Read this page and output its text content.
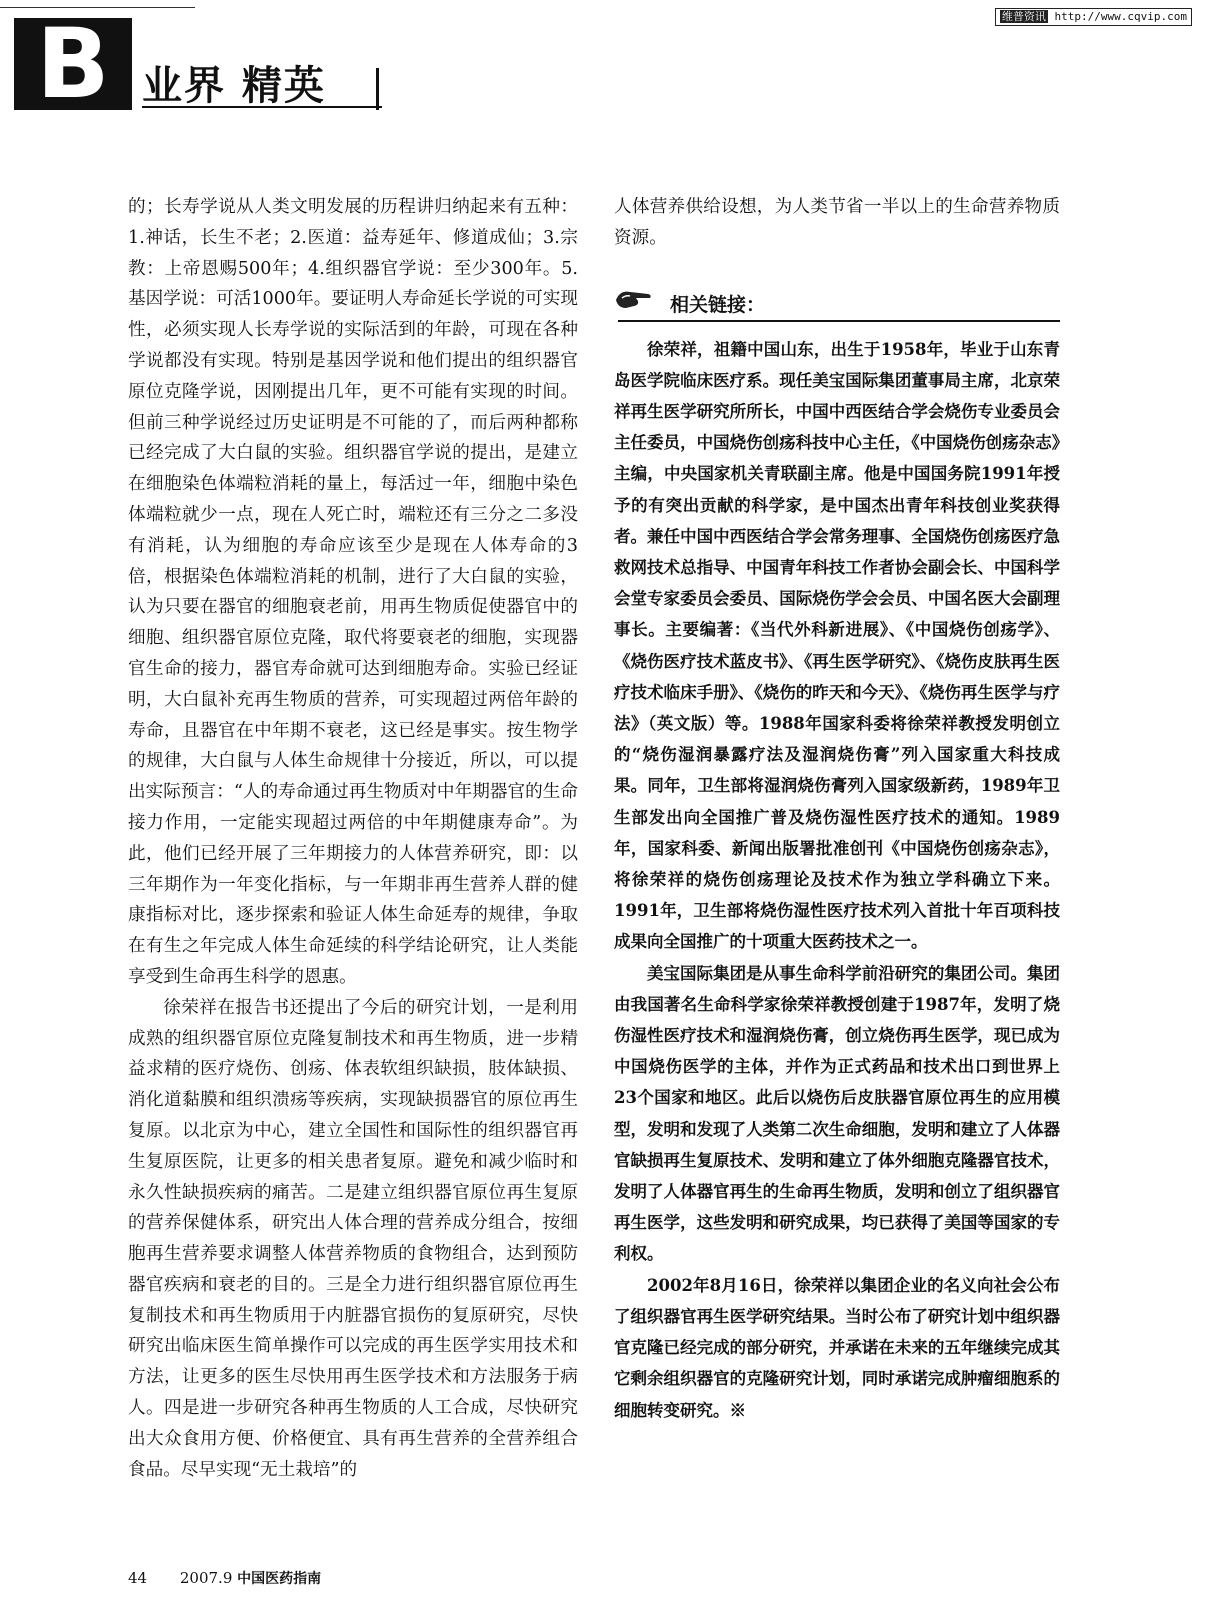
维普资讯 http://www.cqvip.com
B 业界 精英

的；长寿学说从人类文明发展的历程讲归纳起来有五种：1.神话，长生不老；2.医道：益寿延年、修道成仙；3.宗教：上帝恩赐500年；4.组织器官学说：至少300年。5.基因学说：可活1000年。要证明人寿命延长学说的可实现性，必须实现人长寿学说的实际活到的年龄，可现在各种学说都没有实现。特别是基因学说和他们提出的组织器官原位克隆学说，因刚提出几年，更不可能有实现的时间。但前三种学说经过历史证明是不可能的了，而后两种都称已经完成了大白鼠的实验。组织器官学说的提出，是建立在细胞染色体端粒消耗的量上，每活过一年，细胞中染色体端粒就少一点，现在人死亡时，端粒还有三分之二多没有消耗，认为细胞的寿命应该至少是现在人体寿命的3倍，根据染色体端粒消耗的机制，进行了大白鼠的实验，认为只要在器官的细胞衰老前，用再生物质促使器官中的细胞、组织器官原位克隆，取代将要衰老的细胞，实现器官生命的接力，器官寿命就可达到细胞寿命。实验已经证明，大白鼠补充再生物质的营养，可实现超过两倍年龄的寿命，且器官在中年期不衰老，这已经是事实。按生物学的规律，大白鼠与人体生命规律十分接近，所以，可以提出实际预言：“人的寿命通过再生物质对中年期器官的生命接力作用，一定能实现超过两倍的中年期健康寿命”。为此，他们已经开展了三年期接力的人体营养研究，即：以三年期作为一年变化指标，与一年期非再生营养人群的健康指标对比，逐步探索和验证人体生命延寿的规律，争取在有生之年完成人体生命延续的科学结论研究，让人类能享受到生命再生科学的恩惠。

徐荣祥在报告书还提出了今后的研究计划，一是利用成熟的组织器官原位克隆复制技术和再生物质，进一步精益求精的医疗烧伤、创疡、体表软组织缺损，肢体缺损、消化道黏膜和组织溃疡等疾病，实现缺损器官的原位再生复原。以北京为中心，建立全国性和国际性的组织器官再生复原医院，让更多的相关患者复原。避免和减少临时和永久性缺损疾病的痛苦。二是建立组织器官原位再生复原的营养保健体系，研究出人体合理的营养成分组合，按细胞再生营养要求调整人体营养物质的食物组合，达到预防器官疾病和衰老的目的。三是全力进行组织器官原位再生复制技术和再生物质用于内脏器官损伤的复原研究，尽快研究出临床医生简单操作可以完成的再生医学实用技术和方法，让更多的医生尽快用再生医学技术和方法服务于病人。四是进一步研究各种再生物质的人工合成，尽快研究出大众食用方便、价格便宜、具有再生营养的全营养组合食品。尽早实现“无土栽培”的

人体营养供给设想，为人类节省一半以上的生命营养物质资源。

相关链接：

徐荣祥，祖籍中国山东，出生于1958年，毕业于山东青岛医学院临床医疗系。现任美宝国际集团董事局主席，北京荣祥再生医学研究所所长，中国中西医结合学会烧伤专业委员会主任委员，中国烧伤创疡科技中心主任，《中国烧伤创疡杂志》主编，中央国家机关青联副主席。他是中国国务院1991年授予的有突出贡献的科学家，是中国杰出青年科技创业奖获得者。兼任中国中西医结合学会常务理事、全国烧伤创疡医疗急救网技术总指导、中国青年科技工作者协会副会长、中国科学会堂专家委员会委员、国际烧伤学会会员、中国名医大会副理事长。主要编著：《当代外科新进展》、《中国烧伤创疡学》、《烧伤医疗技术蓝皮书》、《再生医学研究》、《烧伤皮肤再生医疗技术临床手册》、《烧伤的昨天和今天》、《烧伤再生医学与疗法》（英文版）等。1988年国家科委将徐荣祥教授发明创立的“烧伤湿润暴露疗法及湿润烧伤膏”列入国家重大科技成果。同年，卫生部将湿润烧伤膏列入国家级新药，1989年卫生部发出向全国推广普及烧伤湿性医疗技术的通知。1989年，国家科委、新闻出版署批准创刊《中国烧伤创疡杂志》，将徐荣祥的烧伤创疡理论及技术作为独立学科确立下来。1991年，卫生部将烧伤湿性医疗技术列入首批十年百项科技成果向全国推广的十项重大医药技术之一。

美宝国际集团是从事生命科学前沿研究的集团公司。集团由我国著名生命科学家徐荣祥教授创建于1987年，发明了烧伤湿性医疗技术和湿润烧伤膏，创立烧伤再生医学，现已成为中国烧伤医学的主体，并作为正式药品和技术出口到世界上23个国家和地区。此后以烧伤后皮肤器官原位再生的应用模型，发明和发现了人类第二次生命细胞，发明和建立了人体器官缺损再生复原技术、发明和建立了体外细胞克隆器官技术，发明了人体器官再生的生命再生物质，发明和创立了组织器官再生医学，这些发明和研究成果，均已获得了美国等国家的专利权。

2002年8月16日，徐荣祥以集团企业的名义向社会公布了组织器官再生医学研究结果。当时公布了研究计划中组织器官克隆已经完成的部分研究，并承诺在未来的五年继续完成其它剩余组织器官的克隆研究计划，同时承诺完成肿瘤细胞系的细胞转变研究。※

44 2007.9 中国医药指南
